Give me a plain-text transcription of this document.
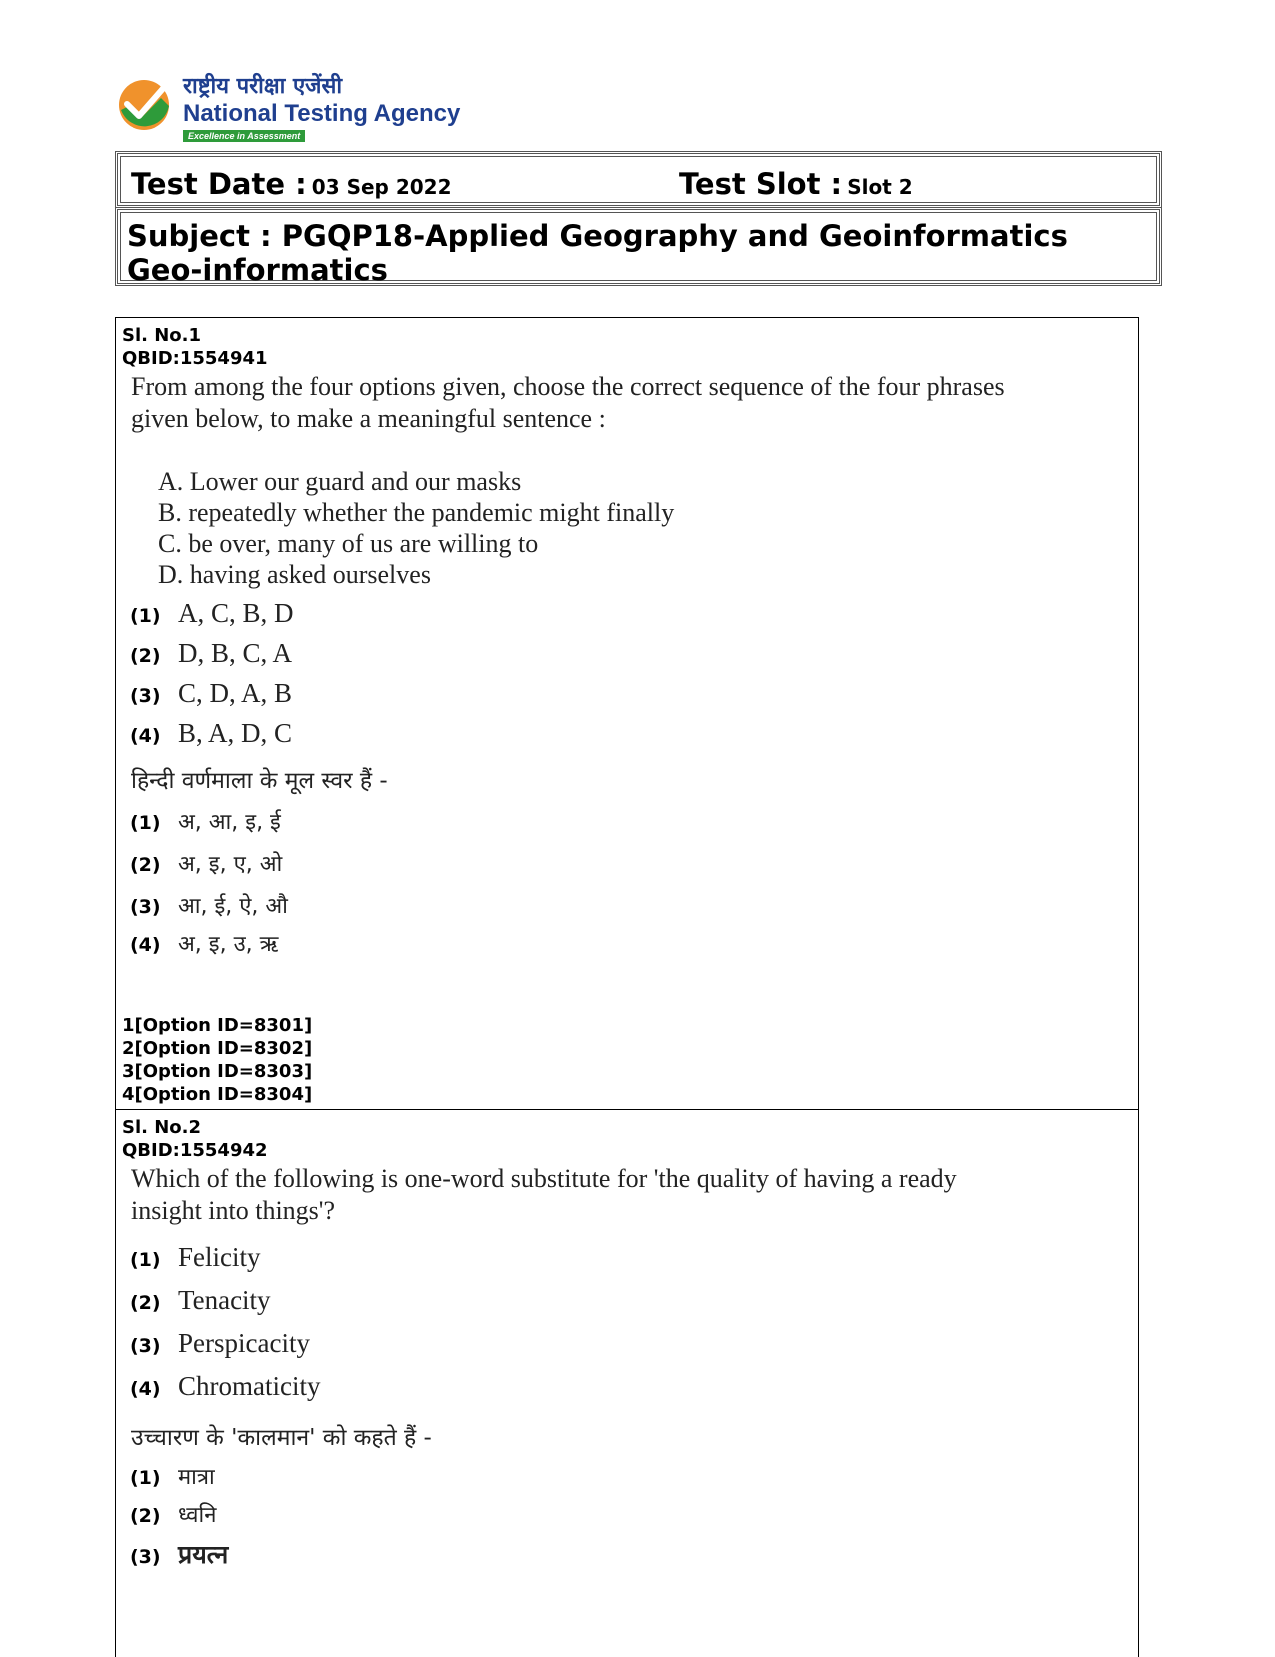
राष्ट्रीय परीक्षा एजेंसी
National Testing Agency
Excellence in Assessment
Test Date : 03 Sep 2022	Test Slot : Slot 2
Subject : PGQP18-Applied Geography and Geoinformatics Geo-informatics
Sl. No.1
QBID:1554941
From among the four options given, choose the correct sequence of the four phrases given below, to make a meaningful sentence :
A. Lower our guard and our masks
B. repeatedly whether the pandemic might finally
C. be over, many of us are willing to
D. having asked ourselves
(1) A, C, B, D
(2) D, B, C, A
(3) C, D, A, B
(4) B, A, D, C
हिन्दी वर्णमाला के मूल स्वर हैं -
(1) अ, आ, इ, ई
(2) अ, इ, ए, ओ
(3) आ, ई, ऐ, औ
(4) अ, इ, उ, ऋ
1[Option ID=8301]
2[Option ID=8302]
3[Option ID=8303]
4[Option ID=8304]
Sl. No.2
QBID:1554942
Which of the following is one-word substitute for 'the quality of having a ready insight into things'?
(1) Felicity
(2) Tenacity
(3) Perspicacity
(4) Chromaticity
उच्चारण के 'कालमान' को कहते हैं -
(1) मात्रा
(2) ध्वनि
(3) प्रयत्न
